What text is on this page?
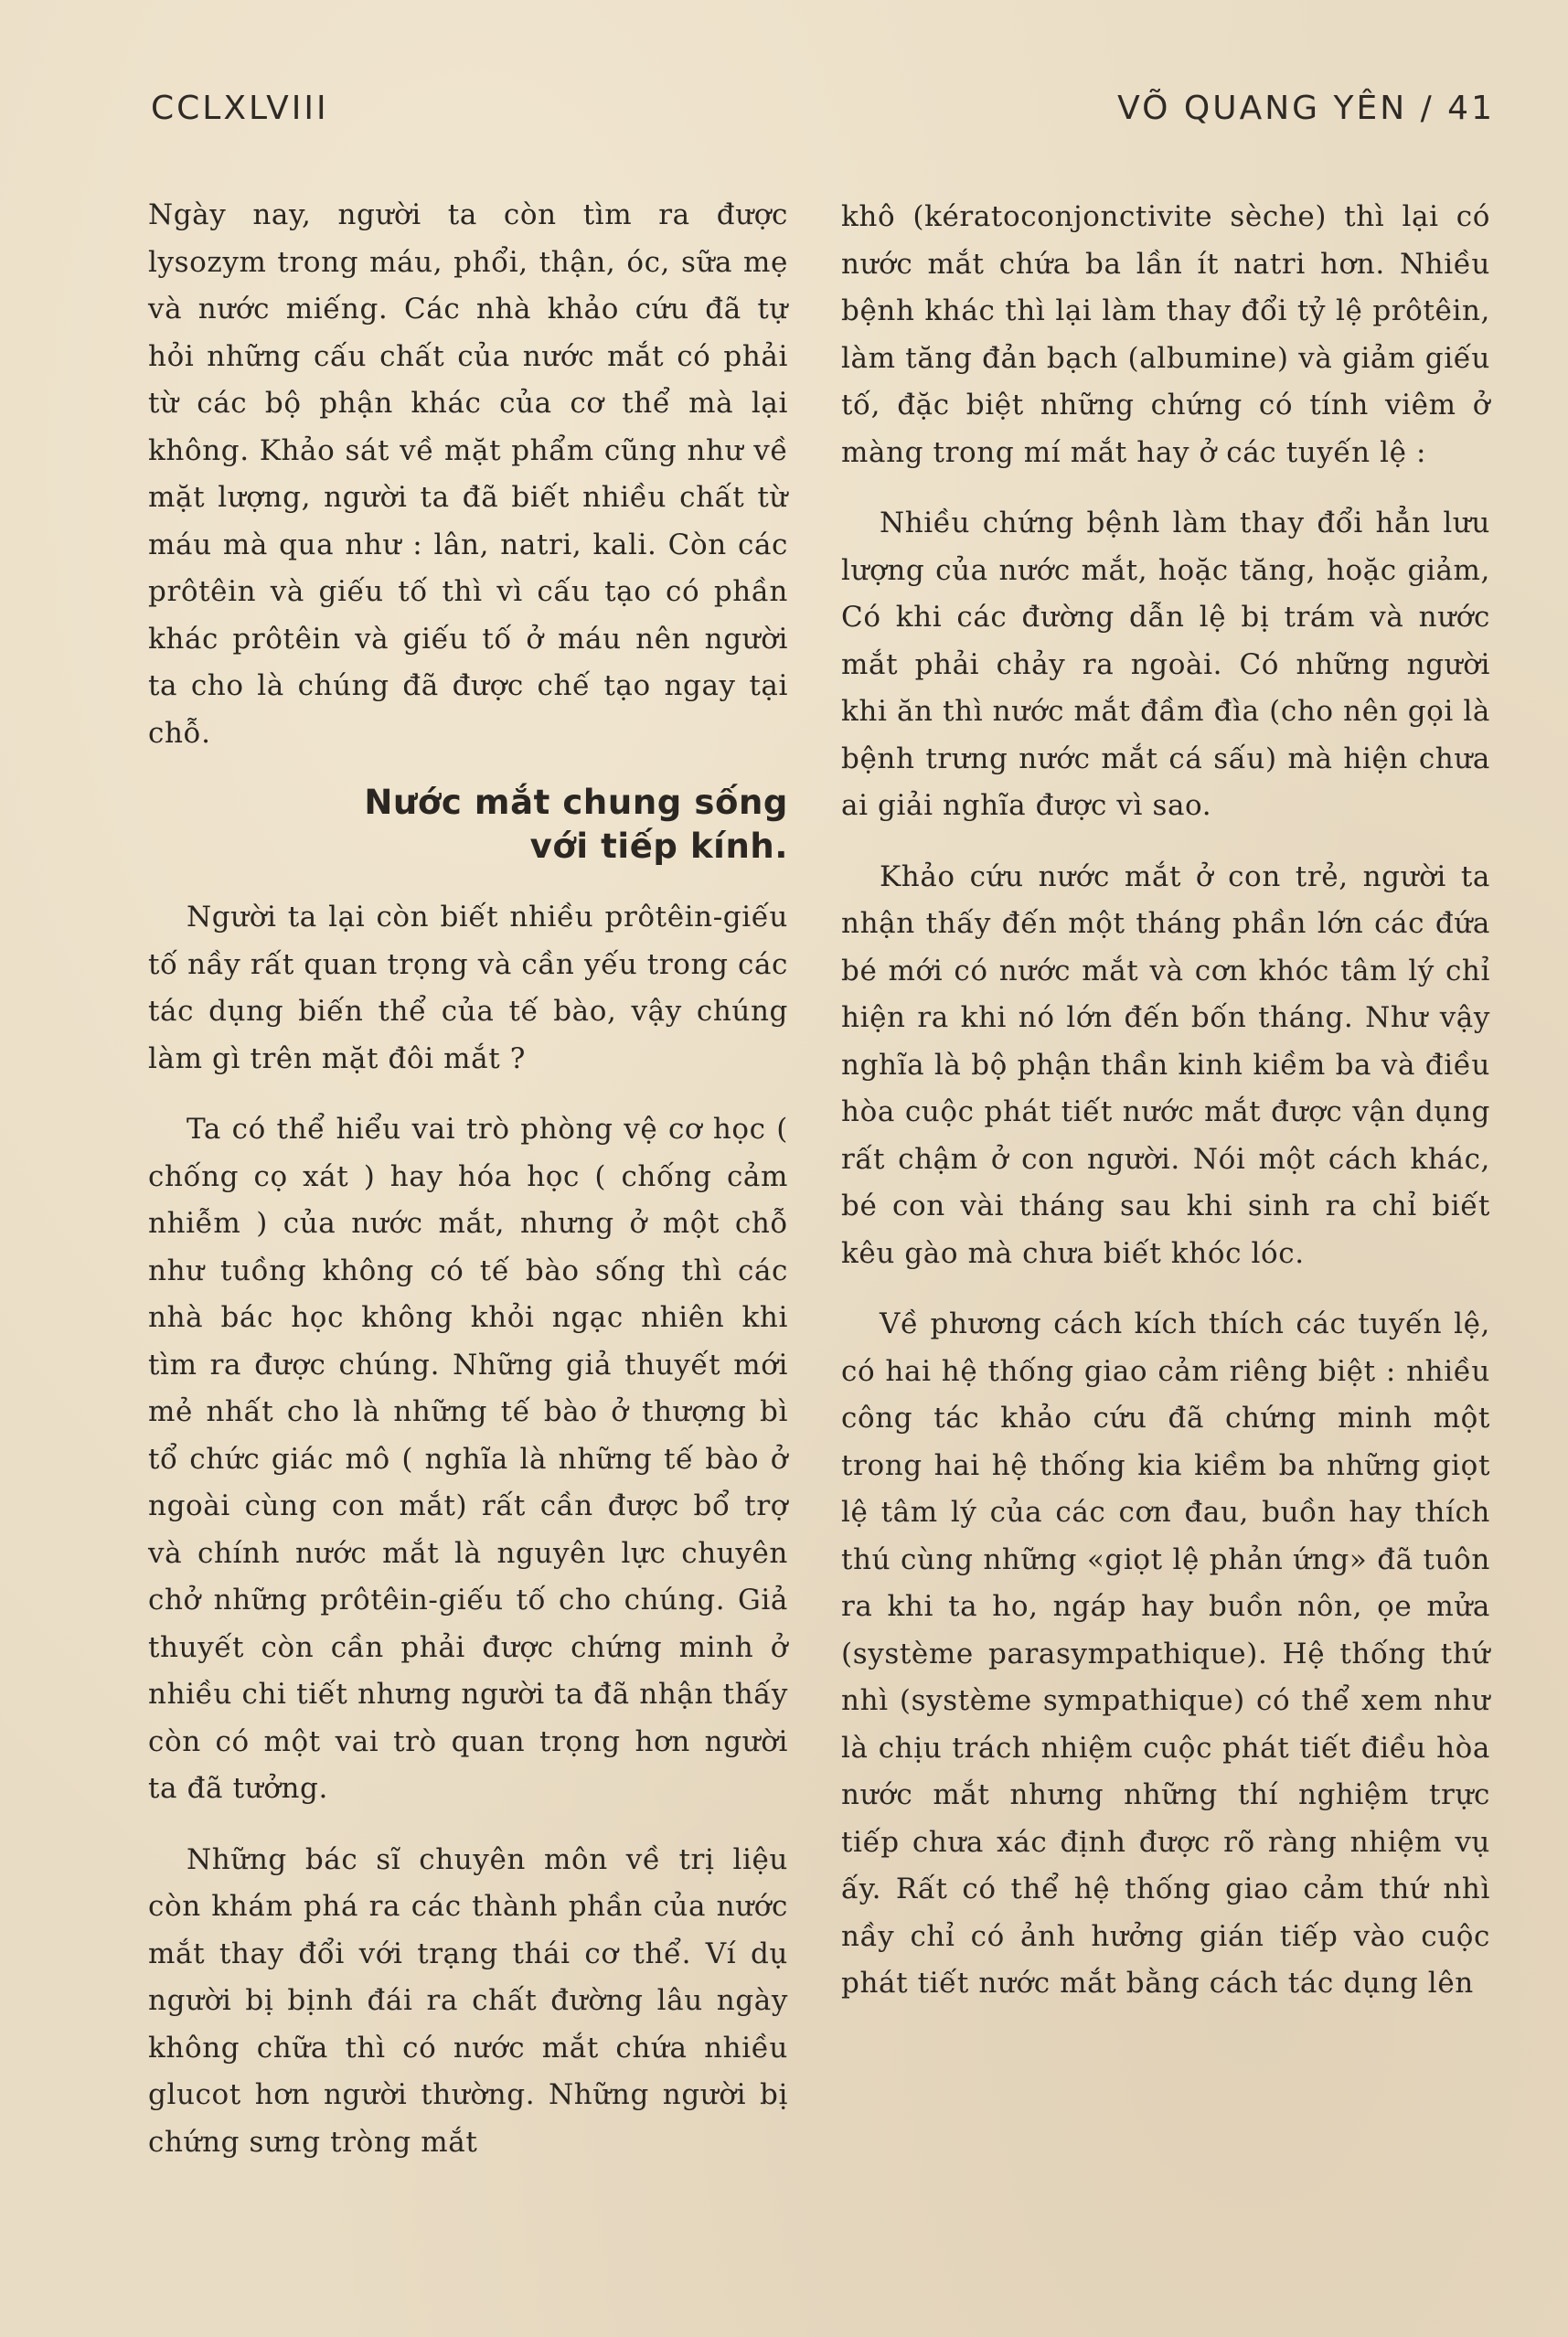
CCLXLVIII	VÕ QUANG YÊN / 41

Ngày nay, người ta còn tìm ra được lysozym trong máu, phổi, thận, óc, sữa mẹ và nước miếng. Các nhà khảo cứu đã tự hỏi những cấu chất của nước mắt có phải từ các bộ phận khác của cơ thể mà lại không. Khảo sát về mặt phẩm cũng như về mặt lượng, người ta đã biết nhiều chất từ máu mà qua như : lân, natri, kali. Còn các prôtêin và giếu tố thì vì cấu tạo có phần khác prôtêin và giếu tố ở máu nên người ta cho là chúng đã được chế tạo ngay tại chỗ.

Nước mắt chung sống
với tiếp kính.

Người ta lại còn biết nhiều prôtêin-giếu tố nầy rất quan trọng và cần yếu trong các tác dụng biến thể của tế bào, vậy chúng làm gì trên mặt đôi mắt ?

Ta có thể hiểu vai trò phòng vệ cơ học ( chống cọ xát ) hay hóa học ( chống cảm nhiễm ) của nước mắt, nhưng ở một chỗ như tuồng không có tế bào sống thì các nhà bác học không khỏi ngạc nhiên khi tìm ra được chúng. Những giả thuyết mới mẻ nhất cho là những tế bào ở thượng bì tổ chức giác mô ( nghĩa là những tế bào ở ngoài cùng con mắt) rất cần được bổ trợ và chính nước mắt là nguyên lực chuyên chở những prôtêin-giếu tố cho chúng. Giả thuyết còn cần phải được chứng minh ở nhiều chi tiết nhưng người ta đã nhận thấy còn có một vai trò quan trọng hơn người ta đã tưởng.

Những bác sĩ chuyên môn về trị liệu còn khám phá ra các thành phần của nước mắt thay đổi với trạng thái cơ thể. Ví dụ người bị bịnh đái ra chất đường lâu ngày không chữa thì có nước mắt chứa nhiều glucot hơn người thường. Những người bị chứng sưng tròng mắt

khô (kératoconjonctivite sèche) thì lại có nước mắt chứa ba lần ít natri hơn. Nhiều bệnh khác thì lại làm thay đổi tỷ lệ prôtêin, làm tăng đản bạch (albumine) và giảm giếu tố, đặc biệt những chứng có tính viêm ở màng trong mí mắt hay ở các tuyến lệ :

Nhiều chứng bệnh làm thay đổi hẳn lưu lượng của nước mắt, hoặc tăng, hoặc giảm, Có khi các đường dẫn lệ bị trám và nước mắt phải chảy ra ngoài. Có những người khi ăn thì nước mắt đầm đìa (cho nên gọi là bệnh trưng nước mắt cá sấu) mà hiện chưa ai giải nghĩa được vì sao.

Khảo cứu nước mắt ở con trẻ, người ta nhận thấy đến một tháng phần lớn các đứa bé mới có nước mắt và cơn khóc tâm lý chỉ hiện ra khi nó lớn đến bốn tháng. Như vậy nghĩa là bộ phận thần kinh kiềm ba và điều hòa cuộc phát tiết nước mắt được vận dụng rất chậm ở con người. Nói một cách khác, bé con vài tháng sau khi sinh ra chỉ biết kêu gào mà chưa biết khóc lóc.

Về phương cách kích thích các tuyến lệ, có hai hệ thống giao cảm riêng biệt : nhiều công tác khảo cứu đã chứng minh một trong hai hệ thống kia kiềm ba những giọt lệ tâm lý của các cơn đau, buồn hay thích thú cùng những «giọt lệ phản ứng» đã tuôn ra khi ta ho, ngáp hay buồn nôn, ọe mửa (système parasympathique). Hệ thống thứ nhì (système sympathique) có thể xem như là chịu trách nhiệm cuộc phát tiết điều hòa nước mắt nhưng những thí nghiệm trực tiếp chưa xác định được rõ ràng nhiệm vụ ấy. Rất có thể hệ thống giao cảm thứ nhì nầy chỉ có ảnh hưởng gián tiếp vào cuộc phát tiết nước mắt bằng cách tác dụng lên
